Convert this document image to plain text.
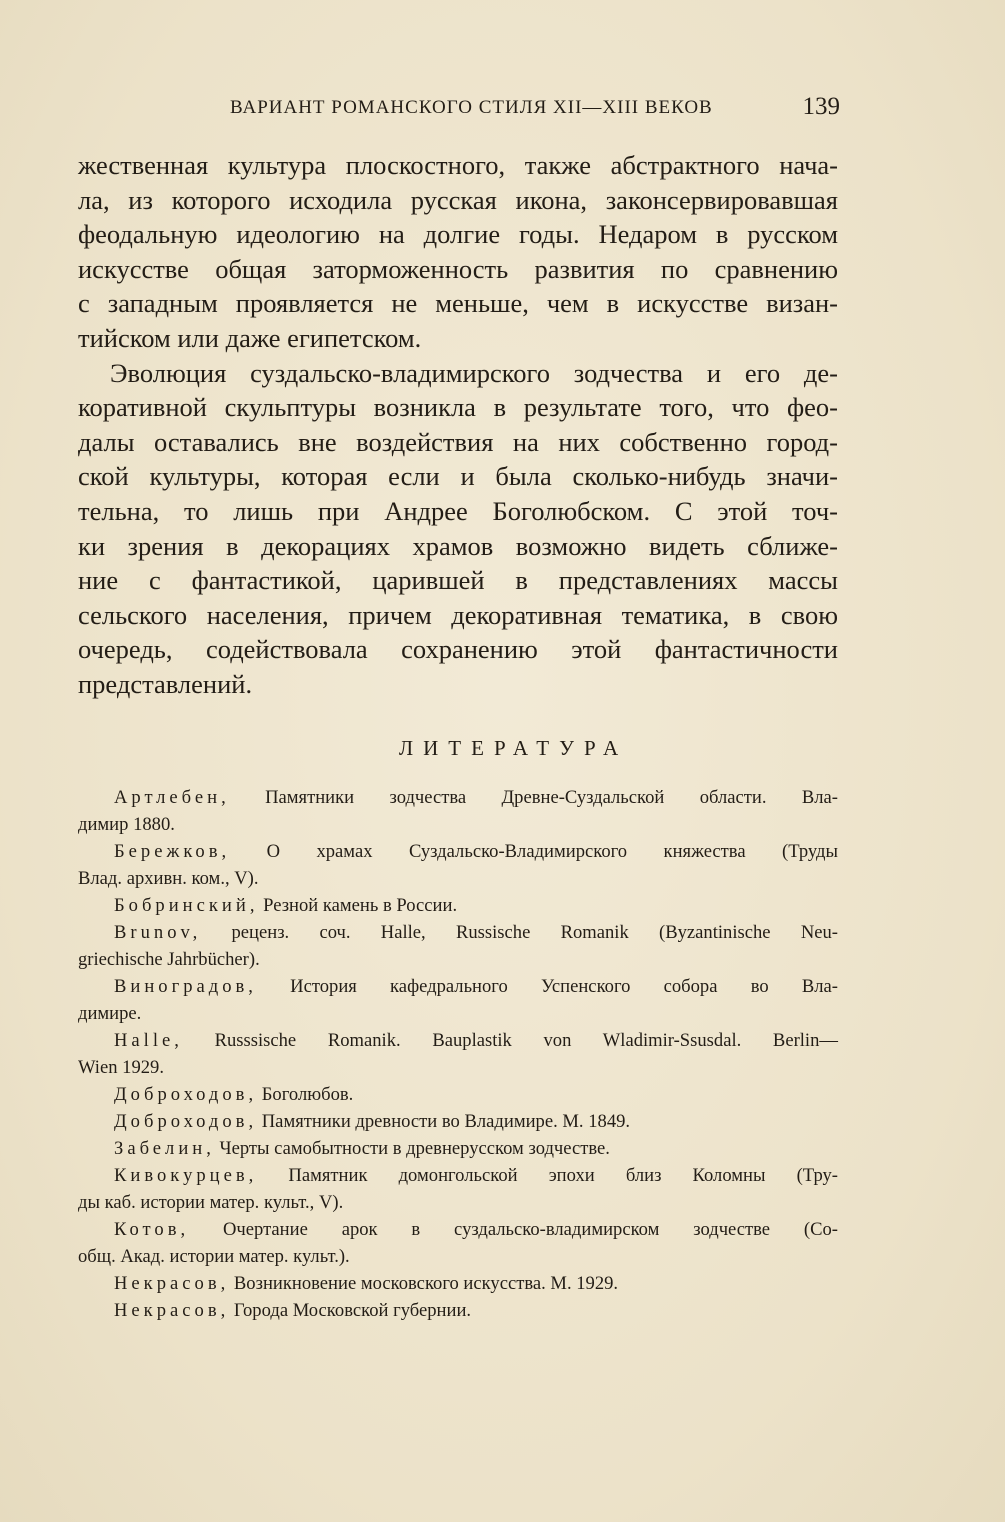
ВАРИАНТ РОМАНСКОГО СТИЛЯ XII—XIII ВЕКОВ	139
жественная культура плоскостного, также абстрактного нача-
ла, из которого исходила русская икона, законсервировавшая
феодальную идеологию на долгие годы. Недаром в русском
искусстве общая заторможенность развития по сравнению
с западным проявляется не меньше, чем в искусстве визан-
тийском или даже египетском.
Эволюция суздальско-владимирского зодчества и его де-
коративной скульптуры возникла в результате того, что фео-
далы оставались вне воздействия на них собственно город-
ской культуры, которая если и была сколько-нибудь значи-
тельна, то лишь при Андрее Боголюбском. С этой точ-
ки зрения в декорациях храмов возможно видеть сближе-
ние с фантастикой, царившей в представлениях массы
сельского населения, причем декоративная тематика, в свою
очередь, содействовала сохранению этой фантастичности
представлений.
ЛИТЕРАТУРА
Артлебен, Памятники зодчества Древне-Суздальской области. Вла-
димир 1880.
Бережков, О храмах Суздальско-Владимирского княжества (Труды
Влад. архивн. ком., V).
Бобринский, Резной камень в России.
Brunov, реценз. соч. Halle, Russische Romanik (Byzantinische Neu-
griechische Jahrbücher).
Виноградов, История кафедрального Успенского собора во Вла-
димире.
Halle, Russsische Romanik. Bauplastik von Wladimir-Ssusdal. Berlin—
Wien 1929.
Доброходов, Боголюбов.
Доброходов, Памятники древности во Владимире. М. 1849.
Забелин, Черты самобытности в древнерусском зодчестве.
Кивокурцев, Памятник домонгольской эпохи близ Коломны (Тру-
ды каб. истории матер. культ., V).
Котов, Очертание арок в суздальско-владимирском зодчестве (Со-
общ. Акад. истории матер. культ.).
Некрасов, Возникновение московского искусства. М. 1929.
Некрасов, Города Московской губернии.
